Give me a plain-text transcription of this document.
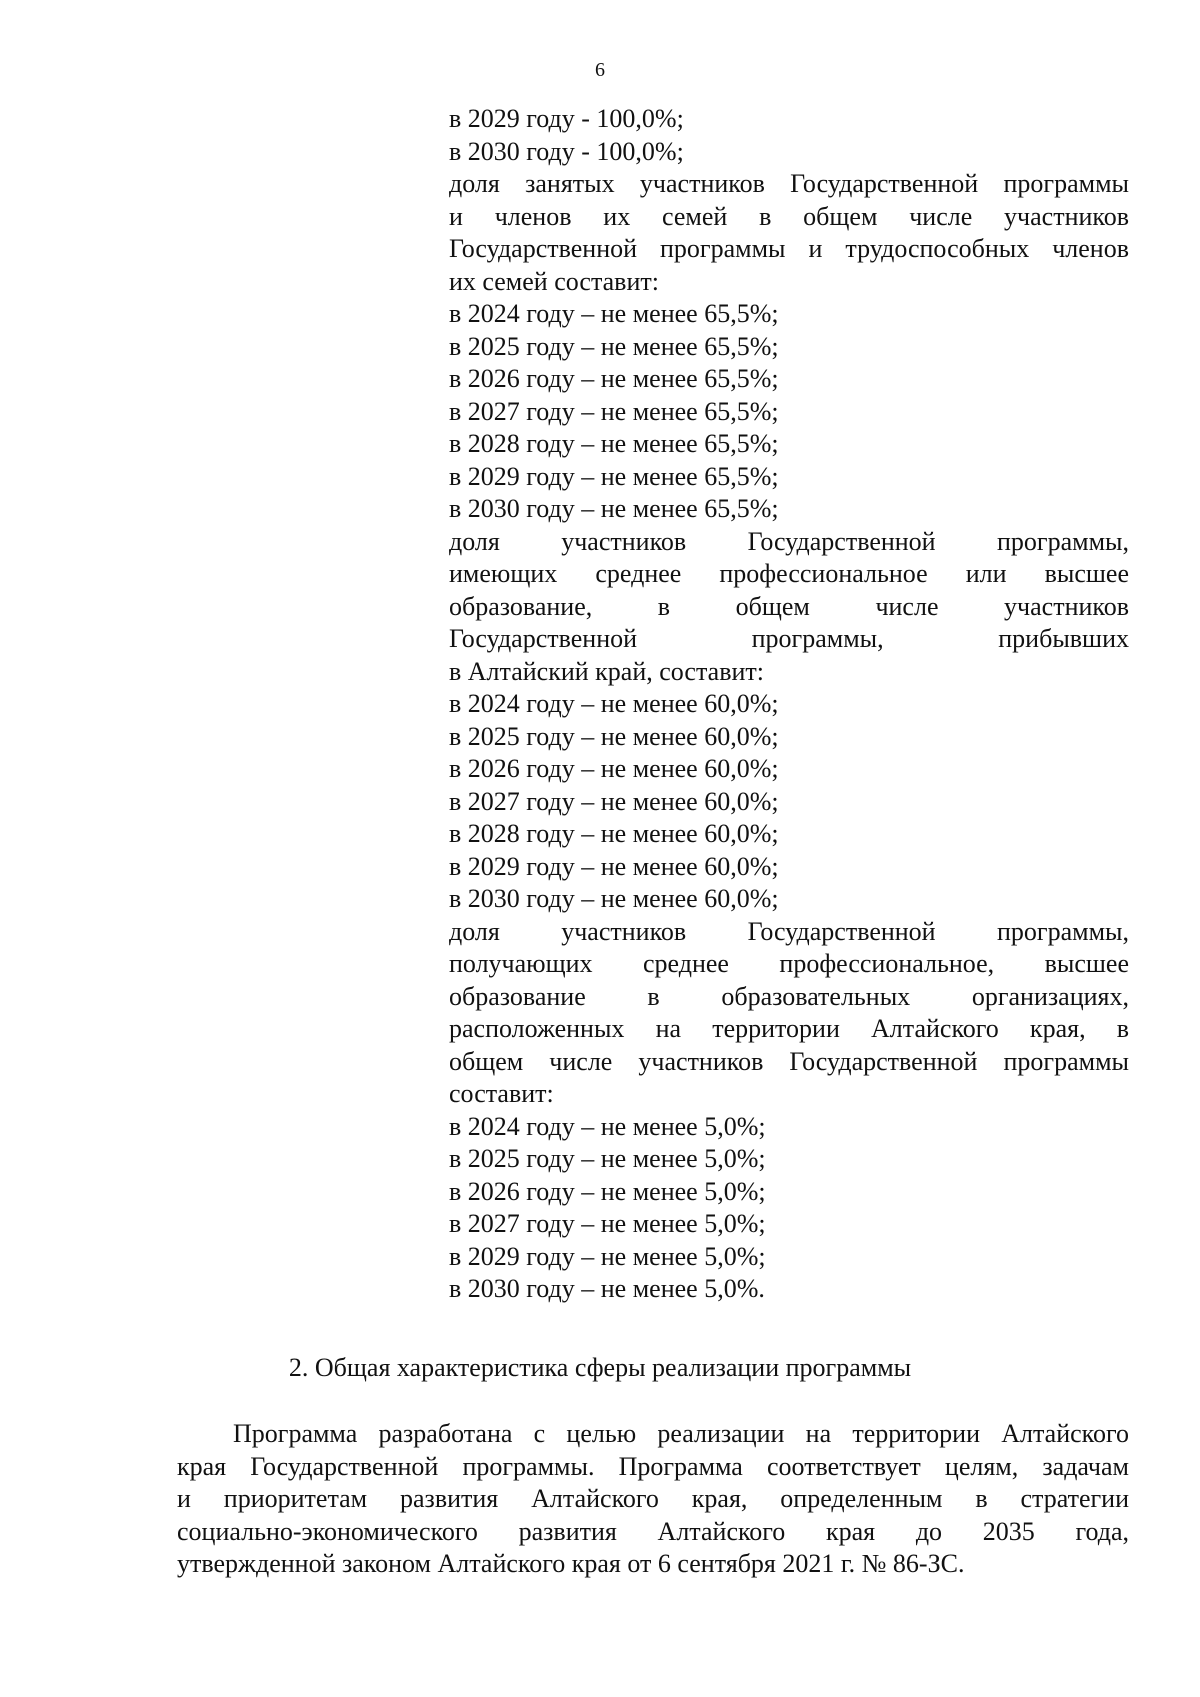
6
в 2029 году - 100,0%;
в 2030 году - 100,0%;
доля занятых участников Государственной программы
и членов их семей в общем числе участников
Государственной программы и трудоспособных членов
их семей составит:
в 2024 году – не менее 65,5%;
в 2025 году – не менее 65,5%;
в 2026 году – не менее 65,5%;
в 2027 году – не менее 65,5%;
в 2028 году – не менее 65,5%;
в 2029 году – не менее 65,5%;
в 2030 году – не менее 65,5%;
доля участников Государственной программы,
имеющих среднее профессиональное или высшее
образование, в общем числе участников
Государственной программы, прибывших
в Алтайский край, составит:
в 2024 году – не менее 60,0%;
в 2025 году – не менее 60,0%;
в 2026 году – не менее 60,0%;
в 2027 году – не менее 60,0%;
в 2028 году – не менее 60,0%;
в 2029 году – не менее 60,0%;
в 2030 году – не менее 60,0%;
доля участников Государственной программы,
получающих среднее профессиональное, высшее
образование в образовательных организациях,
расположенных на территории Алтайского края, в
общем числе участников Государственной программы
составит:
в 2024 году – не менее 5,0%;
в 2025 году – не менее 5,0%;
в 2026 году – не менее 5,0%;
в 2027 году – не менее 5,0%;
в 2029 году – не менее 5,0%;
в 2030 году – не менее 5,0%.
2. Общая характеристика сферы реализации программы
Программа разработана с целью реализации на территории Алтайского
края Государственной программы. Программа соответствует целям, задачам
и приоритетам развития Алтайского края, определенным в стратегии
социально-экономического развития Алтайского края до 2035 года,
утвержденной законом Алтайского края от 6 сентября 2021 г. № 86-ЗС.
